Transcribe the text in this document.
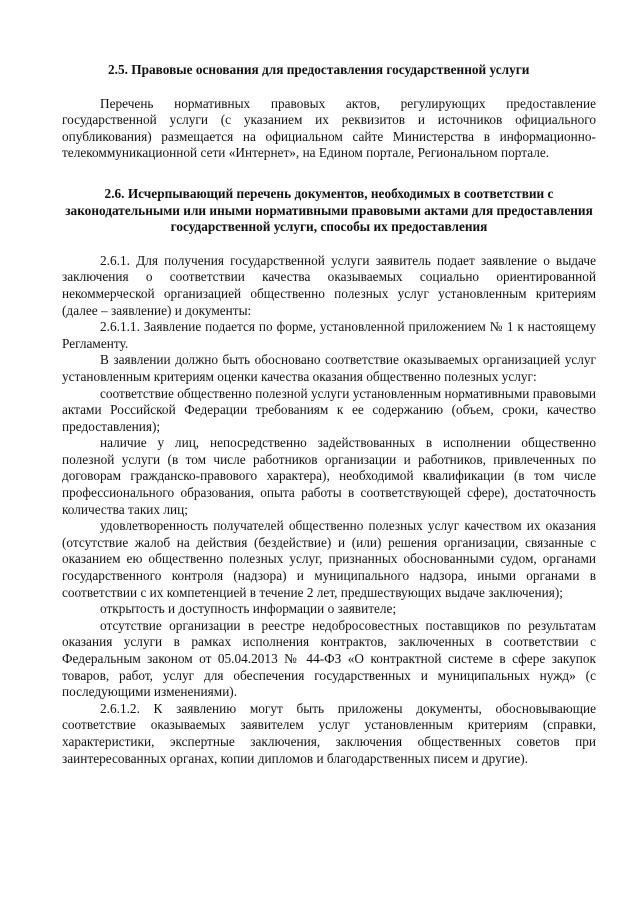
2.5. Правовые основания для предоставления государственной услуги

Перечень нормативных правовых актов, регулирующих предоставление государственной услуги (с указанием их реквизитов и источников официального опубликования) размещается на официальном сайте Министерства в информационно-телекоммуникационной сети «Интернет», на Едином портале, Региональном портале.

2.6. Исчерпывающий перечень документов, необходимых в соответствии с законодательными или иными нормативными правовыми актами для предоставления государственной услуги, способы их предоставления

2.6.1. Для получения государственной услуги заявитель подает заявление о выдаче заключения о соответствии качества оказываемых социально ориентированной некоммерческой организацией общественно полезных услуг установленным критериям (далее – заявление) и документы:

2.6.1.1. Заявление подается по форме, установленной приложением № 1 к настоящему Регламенту.

В заявлении должно быть обосновано соответствие оказываемых организацией услуг установленным критериям оценки качества оказания общественно полезных услуг:

соответствие общественно полезной услуги установленным нормативными правовыми актами Российской Федерации требованиям к ее содержанию (объем, сроки, качество предоставления);

наличие у лиц, непосредственно задействованных в исполнении общественно полезной услуги (в том числе работников организации и работников, привлеченных по договорам гражданско-правового характера), необходимой квалификации (в том числе профессионального образования, опыта работы в соответствующей сфере), достаточность количества таких лиц;

удовлетворенность получателей общественно полезных услуг качеством их оказания (отсутствие жалоб на действия (бездействие) и (или) решения организации, связанные с оказанием ею общественно полезных услуг, признанных обоснованными судом, органами государственного контроля (надзора) и муниципального надзора, иными органами в соответствии с их компетенцией в течение 2 лет, предшествующих выдаче заключения);

открытость и доступность информации о заявителе;

отсутствие организации в реестре недобросовестных поставщиков по результатам оказания услуги в рамках исполнения контрактов, заключенных в соответствии с Федеральным законом от 05.04.2013 № 44-ФЗ «О контрактной системе в сфере закупок товаров, работ, услуг для обеспечения государственных и муниципальных нужд» (с последующими изменениями).

2.6.1.2. К заявлению могут быть приложены документы, обосновывающие соответствие оказываемых заявителем услуг установленным критериям (справки, характеристики, экспертные заключения, заключения общественных советов при заинтересованных органах, копии дипломов и благодарственных писем и другие).
